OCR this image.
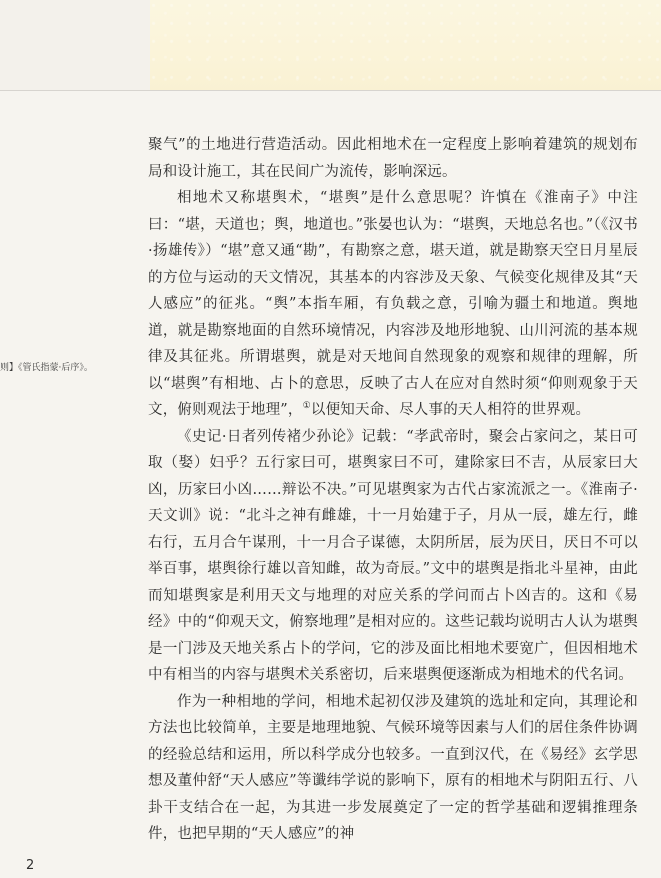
则】《管氏指蒙·后序》。

聚气”的土地进行营造活动。因此相地术在一定程度上影响着建筑的规划布局和设计施工，其在民间广为流传，影响深远。

相地术又称堪舆术，“堪舆”是什么意思呢？许慎在《淮南子》中注曰：“堪，天道也；舆，地道也。”张晏也认为：“堪舆，天地总名也。”（《汉书·扬雄传》）“堪”意又通“勘”，有勘察之意，堪天道，就是勘察天空日月星辰的方位与运动的天文情况，其基本的内容涉及天象、气候变化规律及其“天人感应”的征兆。“舆”本指车厢，有负载之意，引喻为疆土和地道。舆地道，就是勘察地面的自然环境情况，内容涉及地形地貌、山川河流的基本规律及其征兆。所谓堪舆，就是对天地间自然现象的观察和规律的理解，所以“堪舆”有相地、占卜的意思，反映了古人在应对自然时须“仰则观象于天文，俯则观法于地理”，①以便知天命、尽人事的天人相符的世界观。

《史记·日者列传褚少孙论》记载：“孝武帝时，聚会占家问之，某日可取（娶）妇乎？五行家曰可，堪舆家曰不可，建除家曰不吉，从辰家曰大凶，历家曰小凶……辩讼不决。”可见堪舆家为古代占家流派之一。《淮南子·天文训》说：“北斗之神有雌雄，十一月始建于子，月从一辰，雄左行，雌右行，五月合午谋刑，十一月合子谋德，太阴所居，辰为厌日，厌日不可以举百事，堪舆徐行雄以音知雌，故为奇辰。”文中的堪舆是指北斗星神，由此而知堪舆家是利用天文与地理的对应关系的学问而占卜凶吉的。这和《易经》中的“仰观天文，俯察地理”是相对应的。这些记载均说明古人认为堪舆是一门涉及天地关系占卜的学问，它的涉及面比相地术要宽广，但因相地术中有相当的内容与堪舆术关系密切，后来堪舆便逐渐成为相地术的代名词。

作为一种相地的学问，相地术起初仅涉及建筑的选址和定向，其理论和方法也比较简单，主要是地理地貌、气候环境等因素与人们的居住条件协调的经验总结和运用，所以科学成分也较多。一直到汉代，在《易经》玄学思想及董仲舒“天人感应”等谶纬学说的影响下，原有的相地术与阴阳五行、八卦干支结合在一起，为其进一步发展奠定了一定的哲学基础和逻辑推理条件，也把早期的“天人感应”的神

2
